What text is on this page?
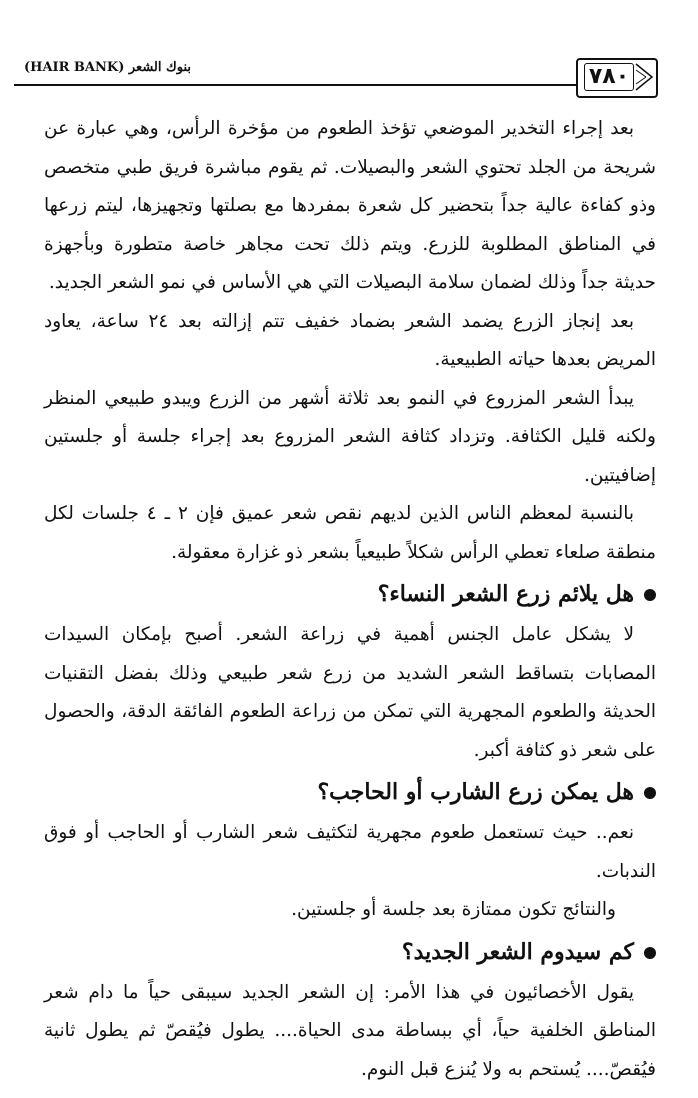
بنوك الشعر (HAIR BANK)	٧٨٠

بعد إجراء التخدير الموضعي تؤخذ الطعوم من مؤخرة الرأس، وهي عبارة عن شريحة من الجلد تحتوي الشعر والبصيلات. ثم يقوم مباشرة فريق طبي متخصص وذو كفاءة عالية جداً بتحضير كل شعرة بمفردها مع بصلتها وتجهيزها، ليتم زرعها في المناطق المطلوبة للزرع. ويتم ذلك تحت مجاهر خاصة متطورة وبأجهزة حديثة جداً وذلك لضمان سلامة البصيلات التي هي الأساس في نمو الشعر الجديد.

بعد إنجاز الزرع يضمد الشعر بضماد خفيف تتم إزالته بعد ٢٤ ساعة، يعاود المريض بعدها حياته الطبيعية.

يبدأ الشعر المزروع في النمو بعد ثلاثة أشهر من الزرع ويبدو طبيعي المنظر ولكنه قليل الكثافة. وتزداد كثافة الشعر المزروع بعد إجراء جلسة أو جلستين إضافيتين.

بالنسبة لمعظم الناس الذين لديهم نقص شعر عميق فإن ٢ ـ ٤ جلسات لكل منطقة صلعاء تعطي الرأس شكلاً طبيعياً بشعر ذو غزارة معقولة.

هل يلائم زرع الشعر النساء؟

لا يشكل عامل الجنس أهمية في زراعة الشعر. أصبح بإمكان السيدات المصابات بتساقط الشعر الشديد من زرع شعر طبيعي وذلك بفضل التقنيات الحديثة والطعوم المجهرية التي تمكن من زراعة الطعوم الفائقة الدقة، والحصول على شعر ذو كثافة أكبر.

هل يمكن زرع الشارب أو الحاجب؟

نعم.. حيث تستعمل طعوم مجهرية لتكثيف شعر الشارب أو الحاجب أو فوق الندبات.

والنتائج تكون ممتازة بعد جلسة أو جلستين.

كم سيدوم الشعر الجديد؟

يقول الأخصائيون في هذا الأمر: إن الشعر الجديد سيبقى حياً ما دام شعر المناطق الخلفية حياً، أي ببساطة مدى الحياة.... يطول فيُقصّ ثم يطول ثانية فيُقصّ.... يُستحم به ولا يُنزع قبل النوم.
